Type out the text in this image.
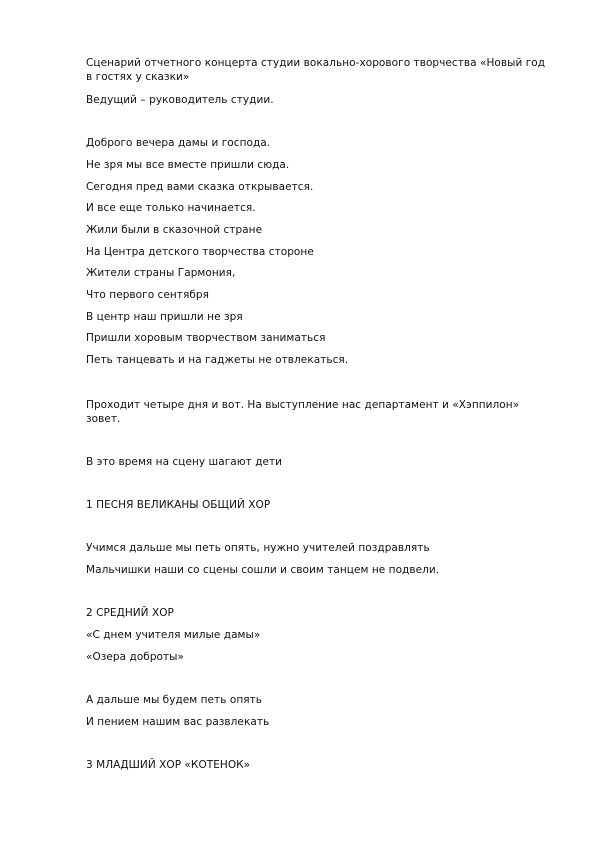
Сценарий отчетного концерта студии вокально-хорового творчества «Новый год в гостях у сказки»
Ведущий – руководитель студии.
Доброго вечера дамы и господа.
Не зря мы все вместе пришли сюда.
Сегодня пред вами сказка открывается.
И все еще только начинается.
Жили были в сказочной стране
На Центра детского творчества стороне
Жители страны Гармония,
Что первого сентября
В центр наш пришли не зря
Пришли хоровым творчеством заниматься
Петь танцевать и на гаджеты не отвлекаться.
Проходит четыре дня и вот. На выступление нас департамент и «Хэппилон» зовет.
В это время на сцену шагают дети
1 ПЕСНЯ ВЕЛИКАНЫ ОБЩИЙ ХОР
Учимся дальше мы петь опять, нужно учителей поздравлять
Мальчишки наши со сцены сошли и своим танцем не подвели.
2 СРЕДНИЙ ХОР
«С днем учителя милые дамы»
«Озера доброты»
А дальше мы будем петь опять
И пением нашим вас развлекать
3 МЛАДШИЙ ХОР «КОТЕНОК»
